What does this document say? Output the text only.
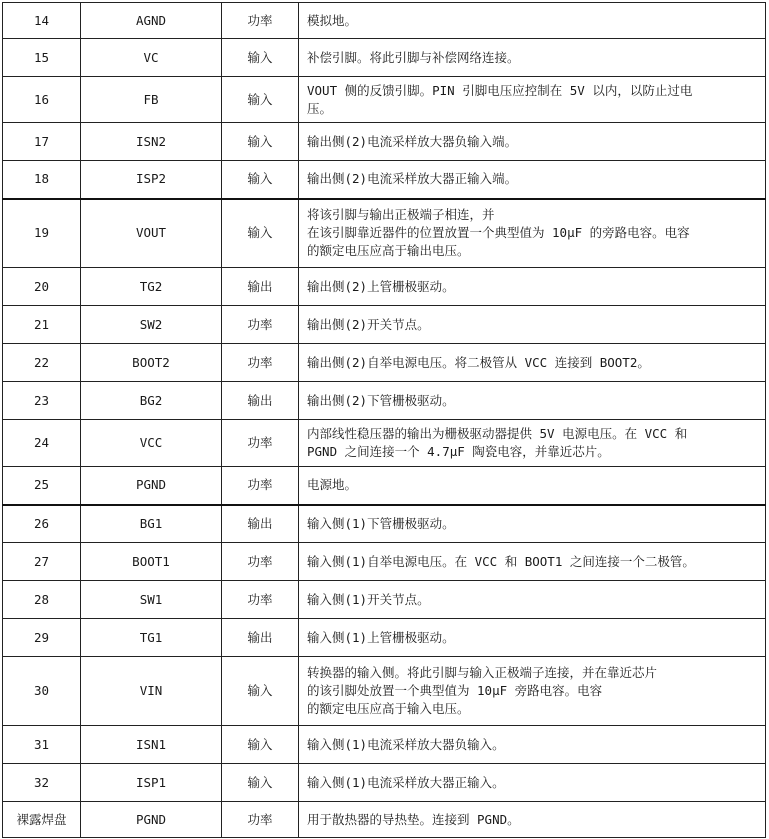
14	AGND	功率	模拟地。

15	VC	输入	补偿引脚。将此引脚与补偿网络连接。

16	FB	输入	VOUT 侧的反馈引脚。PIN 引脚电压应控制在 5V 以内，以防止过电
压。

17	ISN2	输入	输出侧(2)电流采样放大器负输入端。

18	ISP2	输入	输出侧(2)电流采样放大器正输入端。

19	VOUT	输入	将该引脚与输出正极端子相连，并
在该引脚靠近器件的位置放置一个典型值为 10μF 的旁路电容。电容
的额定电压应高于输出电压。

20	TG2	输出	输出侧(2)上管栅极驱动。

21	SW2	功率	输出侧(2)开关节点。

22	BOOT2	功率	输出侧(2)自举电源电压。将二极管从 VCC 连接到 BOOT2。

23	BG2	输出	输出侧(2)下管栅极驱动。

24	VCC	功率	内部线性稳压器的输出为栅极驱动器提供 5V 电源电压。在 VCC 和
PGND 之间连接一个 4.7μF 陶瓷电容，并靠近芯片。

25	PGND	功率	电源地。

26	BG1	输出	输入侧(1)下管栅极驱动。

27	BOOT1	功率	输入侧(1)自举电源电压。在 VCC 和 BOOT1 之间连接一个二极管。

28	SW1	功率	输入侧(1)开关节点。

29	TG1	输出	输入侧(1)上管栅极驱动。

30	VIN	输入	转换器的输入侧。将此引脚与输入正极端子连接，并在靠近芯片
的该引脚处放置一个典型值为 10μF 旁路电容。电容
的额定电压应高于输入电压。

31	ISN1	输入	输入侧(1)电流采样放大器负输入。

32	ISP1	输入	输入侧(1)电流采样放大器正输入。

裸露焊盘	PGND	功率	用于散热器的导热垫。连接到 PGND。
